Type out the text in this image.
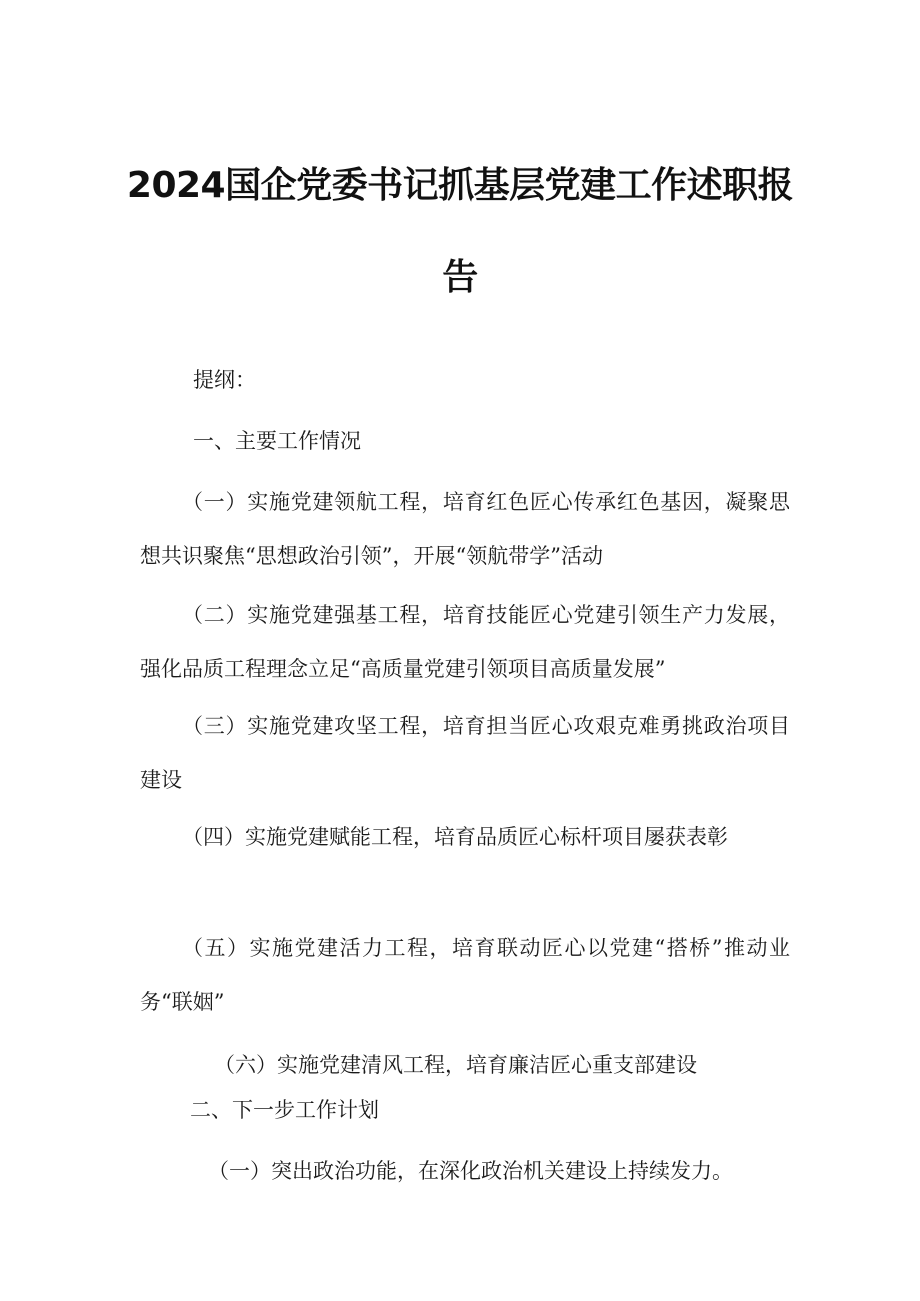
2024国企党委书记抓基层党建工作述职报
告
提纲：
一、主要工作情况
（一）实施党建领航工程，培育红色匠心传承红色基因，凝聚思想共识聚焦“思想政治引领”，开展“领航带学”活动
（二）实施党建强基工程，培育技能匠心党建引领生产力发展，强化品质工程理念立足“高质量党建引领项目高质量发展”
（三）实施党建攻坚工程，培育担当匠心攻艰克难勇挑政治项目建设
（四）实施党建赋能工程，培育品质匠心标杆项目屡获表彰
（五）实施党建活力工程，培育联动匠心以党建“搭桥”推动业务“联姻”
（六）实施党建清风工程，培育廉洁匠心重支部建设
二、下一步工作计划
（一）突出政治功能，在深化政治机关建设上持续发力。
